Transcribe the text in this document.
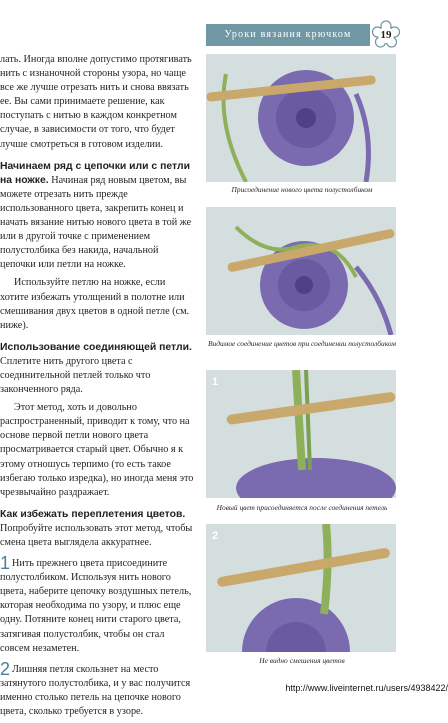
Уроки вязания крючком	19

лать. Иногда вполне допустимо протягивать нить с изнаночной стороны узора, но чаще все же лучше отрезать нить и снова ввязать ее. Вы сами принимаете решение, как поступать с нитью в каждом конкретном случае, в зависимости от того, что будет лучше смотреться в готовом изделии.

Начинаем ряд с цепочки или с петли на ножке. Начиная ряд новым цветом, вы можете отрезать нить прежде использованного цвета, закрепить конец и начать вязание нитью нового цвета в той же или в другой точке с применением полустолбика без накида, начальной цепочки или петли на ножке.

Используйте петлю на ножке, если хотите избежать утолщений в полотне или смешивания двух цветов в одной петле (см. ниже).

Использование соединяющей петли. Сплетите нить другого цвета с соединительной петлей только что законченного ряда.

Этот метод, хоть и довольно распространенный, приводит к тому, что на основе первой петли нового цвета просматривается старый цвет. Обычно я к этому отношусь терпимо (то есть такое избегаю только изредка), но иногда меня это чрезвычайно раздражает.

Как избежать переплетения цветов. Попробуйте использовать этот метод, чтобы смена цвета выглядела аккуратнее.

1 Нить прежнего цвета присоедините полустолбиком. Используя нить нового цвета, наберите цепочку воздушных петель, которая необходима по узору, и плюс еще одну. Потяните конец нити старого цвета, затягивая полустолбик, чтобы он стал совсем незаметен.

2 Лишняя петля скользнет на место затянутого полустолбика, и у вас получится именно столько петель на цепочке нового цвета, сколько требуется в узоре.

Присоединение нового цвета полустолбиком
Видимое соединение цветов при соединении полустолбиком
1
Новый цвет присоединяется после соединения петель
2
Не видно смешения цветов
http://www.liveinternet.ru/users/4938422/
